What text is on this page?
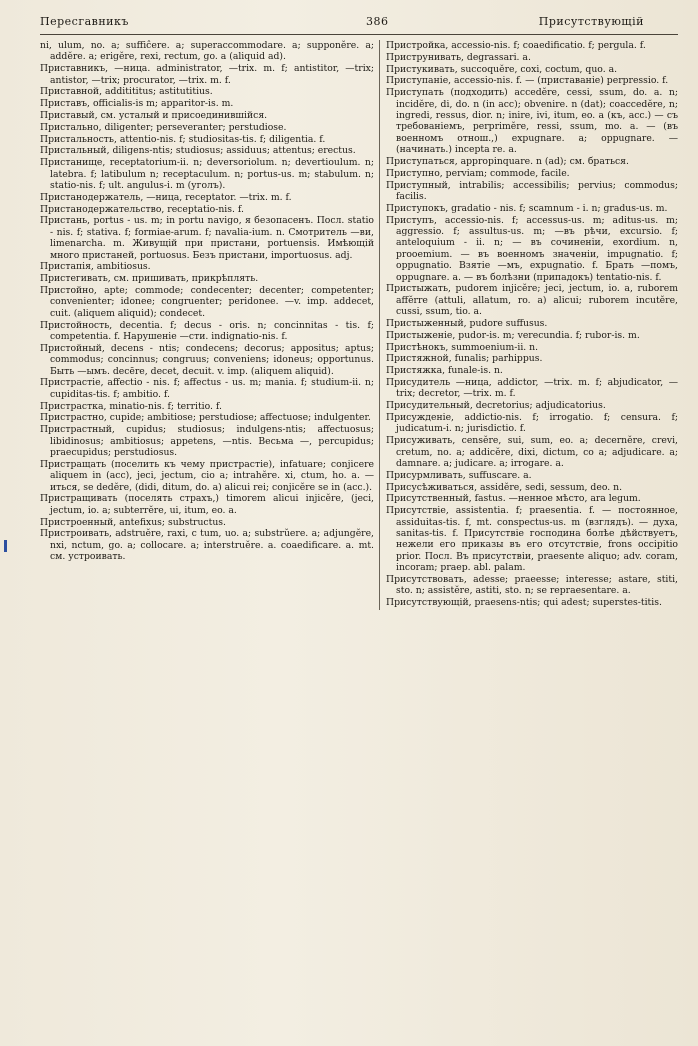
Пересгавникъ	386	Присутствующій

ni, ulum, no. a; suffiĉere. a; superaccommodare. a; supponĕre. a; addĕre. a; erigĕre, rexi, rectum, go. a (aliquid ad).

Приставникъ, —ница. administrator, —trix. m. f; antistitor, —trix; antistor, —trix; procurator, —trix. m. f.

Приставной, additititus; astitutitius.

Приставъ, officialis-is m; apparitor-is. m.

Приставый, см. усталый и присоединившійся.

Пристально, diligenter; perseveranter; perstudiose.

Пристальность, attentio-nis. f; studiositas-tis. f; diligentia. f.

Пристальный, diligens-ntis; studiosus; assiduus; attentus; erectus.

Пристанище, receptatorium-ii. n; deversoriolum. n; devertioulum. n; latebra. f; latibulum n; receptaculum. n; portus-us. m; stabulum. n; statio-nis. f; ult. angulus-i. m (уголъ).

Пристанодержатель, —ница, receptator. —trix. m. f.

Пристанодержательство, receptatio-nis. f.

Пристань, portus - us. m; in portu navigo, я безопасенъ. Посл. statio - nis. f; stativa. f; formiae-arum. f; navalia-ium. n. Смотритель —ви, limenarcha. m. Живущій при пристани, portuensis. Имѣющій много пристаней, portuosus. Безъ пристани, importuosus. adj.

Пристапія, ambitiosus.

Пристегивать, см. пришивать, прикрѣплять.

Пристойно, apte; commode; condecenter; decenter; competenter; convenienter; idonee; congruenter; peridonee. —v. imp. addecet, cuit. (aliquem aliquid); condecet.

Пристойность, decentia. f; decus - oris. n; concinnitas - tis. f; competentia. f. Нарушеніе —сти. indignatio-nis. f.

Пристойный, decens - ntis; condecens; decorus; appositus; aptus; commodus; concinnus; congruus; conveniens; idoneus; opportunus. Быть —ымъ. decēre, decet, decuit. v. imp. (aliquem aliquid).

Пристрастіе, affectio - nis. f; affectus - us. m; mania. f; studium-ii. n; cupiditas-tis. f; ambitio. f.

Пристрастка, minatio-nis. f; territio. f.

Пристрастно, cupide; ambitiose; perstudiose; affectuose; indulgenter.

Пристрастный, cupidus; studiosus; indulgens-ntis; affectuosus; libidinosus; ambitiosus; appetens, —ntis. Весьма —, percupidus; praecupidus; perstudiosus.

Пристращать (поселить къ чему пристрастіе), infatuare; conjicere aliquem in (acc), jeci, jectum, cio a; intrahĕre. xi, ctum, ho. a. —иться, se dedĕre, (didi, ditum, do. a) alicui rei; conjicĕre se in (acc.).

Пристращивать (поселять страхъ,) timorem alicui injicĕre, (jeci, jectum, io. a; subterrĕre, ui, itum, eo. a.

Пристроенный, antefixus; substructus.

Пристроивать, adstruĕre, raxi, c tum, uo. a; substrŭere. a; adjungĕre, nxi, nctum, go. a; collocare. a; interstruĕre. a. coaedificare. a. mt. см. устроивать.

Пристройка, accessio-nis. f; coaedificatio. f; pergula. f.

Приструнивать, degrassari. a.

Пристукивать, succoquĕre, coxi, coctum, quo. a.

Приступаніе, accessio-nis. f. — (приставаніе) perpressio. f.

Приступать (подходить) accedĕre, cessi, ssum, do. a. n; incidĕre, di, do. n (in acc); obvenire. n (dat); coaccedĕre, n; ingredi, ressus, dior. n; inire, ivi, itum, eo. a (къ, acc.) — съ требованіемъ, perprimĕre, ressi, ssum, mo. a. — (въ военномъ отнош.,) expugnare. a; oppugnare. — (начинать.) incepta re. a.

Приступаться, appropinquare. n (ad); см. браться.

Приступно, perviam; commode, facile.

Приступный, intrabilis; accessibilis; pervius; commodus; facilis.

Приступокъ, gradatio - nis. f; scamnum - i. n; gradus-us. m.

Приступъ, accessio-nis. f; accessus-us. m; aditus-us. m; aggressio. f; assultus-us. m; —въ рѣчи, excursio. f; anteloquium - ii. n; — въ сочиненіи, exordium. n, prooemium. — въ военномъ значеніи, impugnatio. f; oppugnatio. Взятіе —мъ, expugnatio. f. Брать —помъ, oppugnare. a. — въ болѣзни (припадокъ) tentatio-nis. f.

Пристыжать, pudorem injicĕre; jeci, jectum, io. a, ruborem affĕrre (attuli, allatum, ro. a) alicui; ruborem incutĕre, cussi, ssum, tio. a.

Пристыженный, pudore suffusus.

Пристыженіе, pudor-is. m; verecundia. f; rubor-is. m.

Пристѣнокъ, summoenium-ii. n.

Пристяжной, funalis; parhippus.

Пристяжка, funale-is. n.

Присудитель —ница, addictor, —trix. m. f; abjudicator, —trix; decretor, —trix. m. f.

Присудительный, decretorius; adjudicatorius.

Присужденіе, addictio-nis. f; irrogatio. f; censura. f; judicatum-i. n; jurisdictio. f.

Присуживать, censĕre, sui, sum, eo. a; decernĕre, crevi, cretum, no. a; addicĕre, dixi, dictum, co a; adjudicare. a; damnare. a; judicare. a; irrogare. a.

Присурмливать, suffuscare. a.

Присусѣживаться, assidĕre, sedi, sessum, deo. n.

Присутственный, fastus. —ненное мѣсто, ara legum.

Присутствіе, assistentia. f; praesentia. f. — постоянное, assiduitas-tis. f, mt. conspectus-us. m (взглядъ). — духа, sanitas-tis. f. Присутствіе господина болѣе дѣйствуетъ, нежели его приказы въ его отсутствіе, frons occipitio prior. Посл. Въ присутствіи, praesente aliquo; adv. coram, incoram; praep. abl. palam.

Присутствовать, adesse; praeesse; interesse; astare, stiti, sto. n; assistĕre, astiti, sto. n; se repraesentare. a.

Присутствующій, praesens-ntis; qui adest; superstes-titis.
